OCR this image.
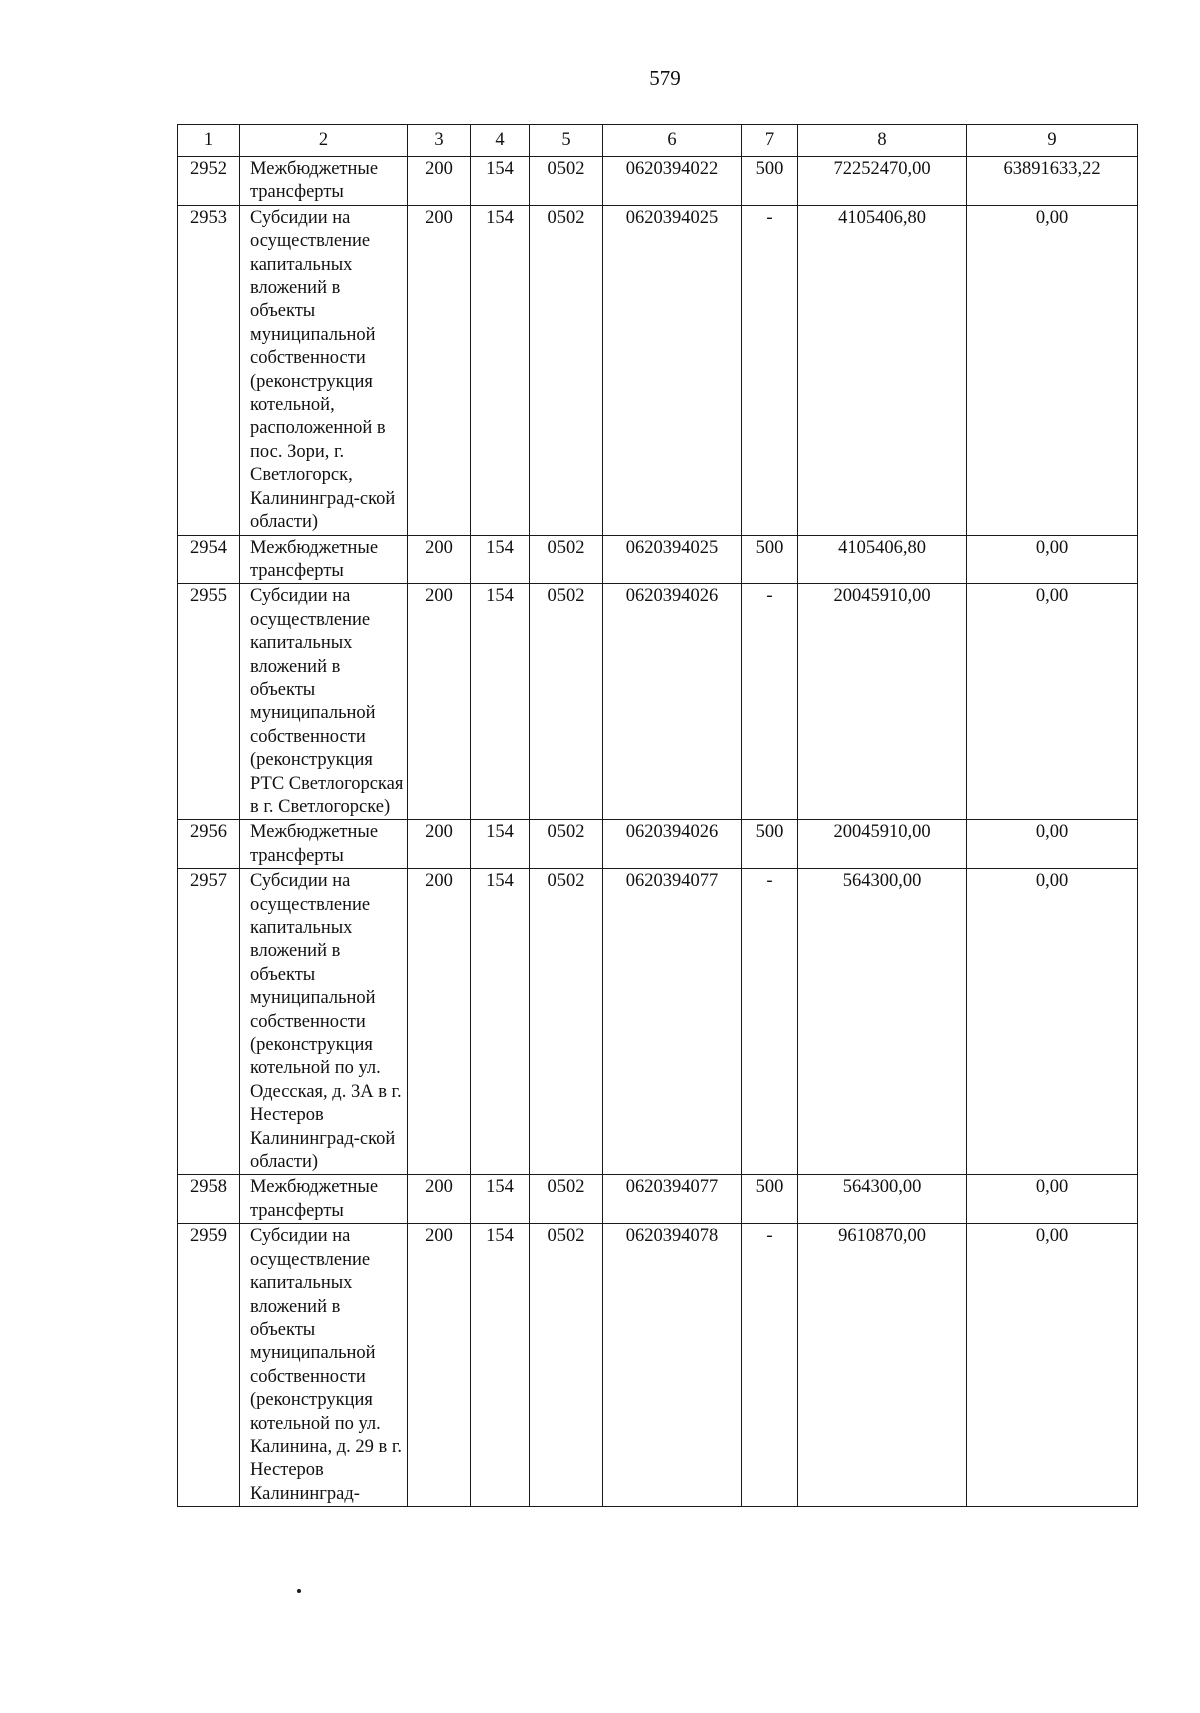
579
1	2	3	4	5	6	7	8	9
2952	Межбюджетные трансферты	200	154	0502	0620394022	500	72252470,00	63891633,22
2953	Субсидии на осуществление капитальных вложений в объекты муниципальной собственности (реконструкция котельной, расположенной в пос. Зори, г. Светлогорск, Калининград-ской области)	200	154	0502	0620394025	-	4105406,80	0,00
2954	Межбюджетные трансферты	200	154	0502	0620394025	500	4105406,80	0,00
2955	Субсидии на осуществление капитальных вложений в объекты муниципальной собственности (реконструкция РТС Светлогорская в г. Светлогорске)	200	154	0502	0620394026	-	20045910,00	0,00
2956	Межбюджетные трансферты	200	154	0502	0620394026	500	20045910,00	0,00
2957	Субсидии на осуществление капитальных вложений в объекты муниципальной собственности (реконструкция котельной по ул. Одесская, д. 3А в г. Нестеров Калининград-ской области)	200	154	0502	0620394077	-	564300,00	0,00
2958	Межбюджетные трансферты	200	154	0502	0620394077	500	564300,00	0,00
2959	Субсидии на осуществление капитальных вложений в объекты муниципальной собственности (реконструкция котельной по ул. Калинина, д. 29 в г. Нестеров Калининград-	200	154	0502	0620394078	-	9610870,00	0,00
